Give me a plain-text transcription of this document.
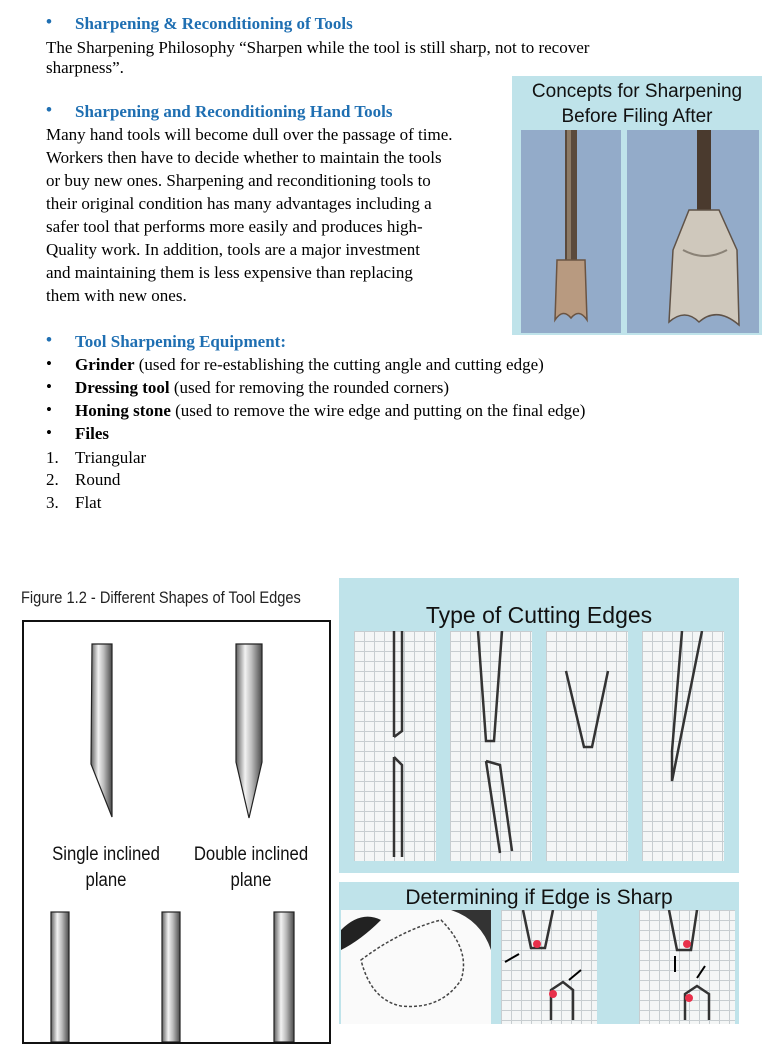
• Sharpening & Reconditioning of Tools
The Sharpening Philosophy “Sharpen while the tool is still sharp, not to recover
sharpness”.
• Sharpening and Reconditioning Hand Tools
Many hand tools will become dull over the passage of time.
Workers then have to decide whether to maintain the tools
or buy new ones. Sharpening and reconditioning tools to
their original condition has many advantages including a
safer tool that performs more easily and produces high-
Quality work. In addition, tools are a major investment
and maintaining them is less expensive than replacing
them with new ones.
Concepts for Sharpening
Before Filing After
• Tool Sharpening Equipment:
• Grinder (used for re-establishing the cutting angle and cutting edge)
• Dressing tool (used for removing the rounded corners)
• Honing stone (used to remove the wire edge and putting on the final edge)
• Files
1. Triangular
2. Round
3. Flat
Figure 1.2 - Different Shapes of Tool Edges
Single inclined
plane
Double inclined
plane
Type of Cutting Edges
Determining if Edge is Sharp
